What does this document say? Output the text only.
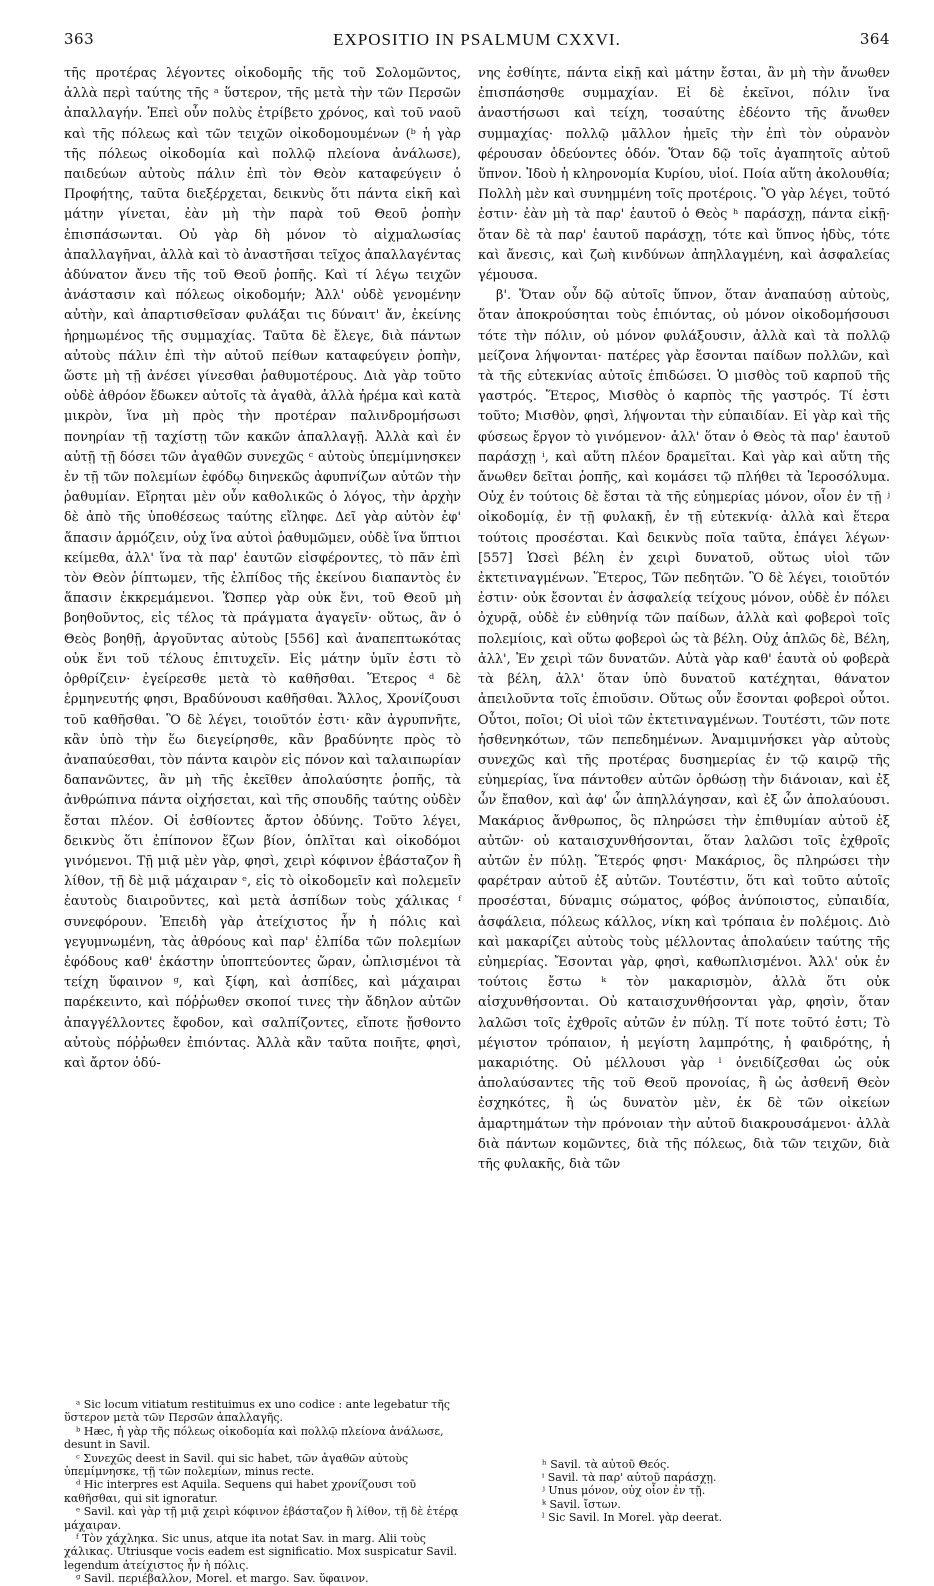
363	EXPOSITIO IN PSALMUM CXXVI.	364

τῆς προτέρας λέγοντες οἰκοδομῆς τῆς τοῦ Σολομῶντος, ἀλλὰ περὶ ταύτης τῆς ᵃ ὕστερον, τῆς μετὰ τὴν τῶν Περσῶν ἀπαλλαγήν. Ἐπεὶ οὖν πολὺς ἐτρίβετο χρόνος, καὶ τοῦ ναοῦ καὶ τῆς πόλεως καὶ τῶν τειχῶν οἰκοδομουμένων (ᵇ ἡ γὰρ τῆς πόλεως οἰκοδομία καὶ πολλῷ πλείονα ἀνάλωσε), παιδεύων αὐτοὺς πάλιν ἐπὶ τὸν Θεὸν καταφεύγειν ὁ Προφήτης, ταῦτα διεξέρχεται, δεικνὺς ὅτι πάντα εἰκῆ καὶ μάτην γίνεται, ἐὰν μὴ τὴν παρὰ τοῦ Θεοῦ ῥοπὴν ἐπισπάσωνται. Οὐ γὰρ δὴ μόνον τὸ αἰχμαλωσίας ἀπαλλαγῆναι, ἀλλὰ καὶ τὸ ἀναστῆσαι τεῖχος ἀπαλλαγέντας ἀδύνατον ἄνευ τῆς τοῦ Θεοῦ ῥοπῆς. Καὶ τί λέγω τειχῶν ἀνάστασιν καὶ πόλεως οἰκοδομήν; Ἀλλ' οὐδὲ γενομένην αὐτὴν, καὶ ἀπαρτισθεῖσαν φυλάξαι τις δύναιτ' ἄν, ἐκείνης ἠρημωμένος τῆς συμμαχίας. Ταῦτα δὲ ἔλεγε, διὰ πάντων αὐτοὺς πάλιν ἐπὶ τὴν αὐτοῦ πείθων καταφεύγειν ῥοπὴν, ὥστε μὴ τῇ ἀνέσει γίνεσθαι ῥαθυμοτέρους. Διὰ γὰρ τοῦτο οὐδὲ ἀθρόον ἔδωκεν αὐτοῖς τὰ ἀγαθὰ, ἀλλὰ ἠρέμα καὶ κατὰ μικρὸν, ἵνα μὴ πρὸς τὴν προτέραν παλινδρομήσωσι πονηρίαν τῇ ταχίστῃ τῶν κακῶν ἀπαλλαγῇ. Ἀλλὰ καὶ ἐν αὐτῇ τῇ δόσει τῶν ἀγαθῶν συνεχῶς ᶜ αὐτοὺς ὑπεμίμνησκεν ἐν τῇ τῶν πολεμίων ἐφόδῳ διηνεκῶς ἀφυπνίζων αὐτῶν τὴν ῥαθυμίαν. Εἴρηται μὲν οὖν καθολικῶς ὁ λόγος, τὴν ἀρχὴν δὲ ἀπὸ τῆς ὑποθέσεως ταύτης εἴληφε. Δεῖ γὰρ αὐτὸν ἐφ' ἅπασιν ἁρμόζειν, οὐχ ἵνα αὐτοὶ ῥαθυμῶμεν, οὐδὲ ἵνα ὕπτιοι κείμεθα, ἀλλ' ἵνα τὰ παρ' ἑαυτῶν εἰσφέροντες, τὸ πᾶν ἐπὶ τὸν Θεὸν ῥίπτωμεν, τῆς ἐλπίδος τῆς ἐκείνου διαπαντὸς ἐν ἅπασιν ἐκκρεμάμενοι. Ὥσπερ γὰρ οὐκ ἔνι, τοῦ Θεοῦ μὴ βοηθοῦντος, εἰς τέλος τὰ πράγματα ἀγαγεῖν· οὕτως, ἂν ὁ Θεὸς βοηθῇ, ἀργοῦντας αὐτοὺς [556] καὶ ἀναπεπτωκότας οὐκ ἔνι τοῦ τέλους ἐπιτυχεῖν. Εἰς μάτην ὑμῖν ἐστι τὸ ὀρθρίζειν· ἐγείρεσθε μετὰ τὸ καθῆσθαι. Ἕτερος ᵈ δὲ ἑρμηνευτής φησι, Βραδύνουσι καθῆσθαι. Ἄλλος, Χρονίζουσι τοῦ καθῆσθαι. Ὃ δὲ λέγει, τοιοῦτόν ἐστι· κἂν ἀγρυπνῆτε, κἂν ὑπὸ τὴν ἕω διεγείρησθε, κἂν βραδύνητε πρὸς τὸ ἀναπαύεσθαι, τὸν πάντα καιρὸν εἰς πόνον καὶ ταλαιπωρίαν δαπανῶντες, ἂν μὴ τῆς ἐκεῖθεν ἀπολαύσητε ῥοπῆς, τὰ ἀνθρώπινα πάντα οἰχήσεται, καὶ τῆς σπουδῆς ταύτης οὐδὲν ἔσται πλέον. Οἱ ἐσθίοντες ἄρτον ὀδύνης. Τοῦτο λέγει, δεικνὺς ὅτι ἐπίπονον ἔζων βίον, ὁπλῖται καὶ οἰκοδόμοι γινόμενοι. Τῇ μιᾷ μὲν γὰρ, φησὶ, χειρὶ κόφινον ἐβάσταζον ἢ λίθον, τῇ δὲ μιᾷ μάχαιραν ᵉ, εἰς τὸ οἰκοδομεῖν καὶ πολεμεῖν ἑαυτοὺς διαιροῦντες, καὶ μετὰ ἀσπίδων τοὺς χάλικας ᶠ συνεφόρουν. Ἐπειδὴ γὰρ ἀτείχιστος ἦν ἡ πόλις καὶ γεγυμνωμένη, τὰς ἀθρόους καὶ παρ' ἐλπίδα τῶν πολεμίων ἐφόδους καθ' ἑκάστην ὑποπτεύοντες ὥραν, ὡπλισμένοι τὰ τείχη ὕφαινον ᵍ, καὶ ξίφη, καὶ ἀσπίδες, καὶ μάχαιραι παρέκειντο, καὶ πόῤῥωθεν σκοποί τινες τὴν ἄδηλον αὐτῶν ἀπαγγέλλοντες ἔφοδον, καὶ σαλπίζοντες, εἴποτε ᾔσθοντο αὐτοὺς πόῤῥωθεν ἐπιόντας. Ἀλλὰ κἂν ταῦτα ποιῆτε, φησὶ, καὶ ἄρτον ὀδύ-

ᵃ Sic locum vitiatum restituimus ex uno codice : ante legebatur τῆς ὕστερον μετὰ τῶν Περσῶν ἀπαλλαγῆς.

ᵇ Hæc, ἡ γὰρ τῆς πόλεως οἰκοδομία καὶ πολλῷ πλείονα ἀνάλωσε, desunt in Savil.

ᶜ Συνεχῶς deest in Savil. qui sic habet, τῶν ἀγαθῶν αὐτοὺς ὑπεμίμνησκε, τῇ τῶν πολεμίων, minus recte.

ᵈ Hic interpres est Aquila. Sequens qui habet χρονίζουσι τοῦ καθῆσθαι, qui sit ignoratur.

ᵉ Savil. καὶ γὰρ τῇ μιᾷ χειρὶ κόφινον ἐβάσταζον ἢ λίθον, τῇ δὲ ἑτέρᾳ μάχαιραν.

ᶠ Τὸν χάχληκα. Sic unus, atque ita notat Sav. in marg. Alii τοὺς χάλικας. Utriusque vocis eadem est significatio. Mox suspicatur Savil. legendum ἀτείχιστος ἦν ἡ πόλις.

ᵍ Savil. περιέβαλλον, Morel. et margo. Sav. ὕφαινον.

νης ἐσθίητε, πάντα εἰκῇ καὶ μάτην ἔσται, ἂν μὴ τὴν ἄνωθεν ἐπισπάσησθε συμμαχίαν. Εἰ δὲ ἐκεῖνοι, πόλιν ἵνα ἀναστήσωσι καὶ τείχη, τοσαύτης ἐδέοντο τῆς ἄνωθεν συμμαχίας· πολλῷ μᾶλλον ἡμεῖς τὴν ἐπὶ τὸν οὐρανὸν φέρουσαν ὁδεύοντες ὁδόν. Ὅταν δῷ τοῖς ἀγαπητοῖς αὐτοῦ ὕπνον. Ἰδοὺ ἡ κληρονομία Κυρίου, υἱοί. Ποία αὕτη ἀκολουθία; Πολλὴ μὲν καὶ συνημμένη τοῖς προτέροις. Ὃ γὰρ λέγει, τοῦτό ἐστιν· ἐὰν μὴ τὰ παρ' ἑαυτοῦ ὁ Θεὸς ʰ παράσχῃ, πάντα εἰκῇ· ὅταν δὲ τὰ παρ' ἑαυτοῦ παράσχῃ, τότε καὶ ὕπνος ἡδὺς, τότε καὶ ἄνεσις, καὶ ζωὴ κινδύνων ἀπηλλαγμένη, καὶ ἀσφαλείας γέμουσα.

β'. Ὅταν οὖν δῷ αὐτοῖς ὕπνον, ὅταν ἀναπαύσῃ αὐτοὺς, ὅταν ἀποκρούσηται τοὺς ἐπιόντας, οὐ μόνον οἰκοδομήσουσι τότε τὴν πόλιν, οὐ μόνον φυλάξουσιν, ἀλλὰ καὶ τὰ πολλῷ μείζονα λήψονται· πατέρες γὰρ ἔσονται παίδων πολλῶν, καὶ τὰ τῆς εὐτεκνίας αὐτοῖς ἐπιδώσει. Ὁ μισθὸς τοῦ καρποῦ τῆς γαστρός. Ἕτερος, Μισθὸς ὁ καρπὸς τῆς γαστρός. Τί ἐστι τοῦτο; Μισθὸν, φησὶ, λήψονται τὴν εὐπαιδίαν. Εἰ γὰρ καὶ τῆς φύσεως ἔργον τὸ γινόμενον· ἀλλ' ὅταν ὁ Θεὸς τὰ παρ' ἑαυτοῦ παράσχῃ ⁱ, καὶ αὕτη πλέον δραμεῖται. Καὶ γὰρ καὶ αὕτη τῆς ἄνωθεν δεῖται ῥοπῆς, καὶ κομάσει τῷ πλήθει τὰ Ἱεροσόλυμα. Οὐχ ἐν τούτοις δὲ ἔσται τὰ τῆς εὐημερίας μόνον, οἷον ἐν τῇ ʲ οἰκοδομίᾳ, ἐν τῇ φυλακῇ, ἐν τῇ εὐτεκνίᾳ· ἀλλὰ καὶ ἕτερα τούτοις προσέσται. Καὶ δεικνὺς ποῖα ταῦτα, ἐπάγει λέγων· [557] Ὡσεὶ βέλη ἐν χειρὶ δυνατοῦ, οὕτως υἱοὶ τῶν ἐκτετιναγμένων. Ἕτερος, Τῶν πεδητῶν. Ὃ δὲ λέγει, τοιοῦτόν ἐστιν· οὐκ ἔσονται ἐν ἀσφαλείᾳ τείχους μόνον, οὐδὲ ἐν πόλει ὀχυρᾷ, οὐδὲ ἐν εὐθηνίᾳ τῶν παίδων, ἀλλὰ καὶ φοβεροὶ τοῖς πολεμίοις, καὶ οὕτω φοβεροὶ ὡς τὰ βέλη. Οὐχ ἁπλῶς δὲ, Βέλη, ἀλλ', Ἐν χειρὶ τῶν δυνατῶν. Αὐτὰ γὰρ καθ' ἑαυτὰ οὐ φοβερὰ τὰ βέλη, ἀλλ' ὅταν ὑπὸ δυνατοῦ κατέχηται, θάνατον ἀπειλοῦντα τοῖς ἐπιοῦσιν. Οὕτως οὖν ἔσονται φοβεροὶ οὗτοι. Οὗτοι, ποῖοι; Οἱ υἱοὶ τῶν ἐκτετιναγμένων. Τουτέστι, τῶν ποτε ἠσθενηκότων, τῶν πεπεδημένων. Ἀναμιμνήσκει γὰρ αὐτοὺς συνεχῶς καὶ τῆς προτέρας δυσημερίας ἐν τῷ καιρῷ τῆς εὐημερίας, ἵνα πάντοθεν αὐτῶν ὀρθώσῃ τὴν διάνοιαν, καὶ ἐξ ὧν ἔπαθον, καὶ ἀφ' ὧν ἀπηλλάγησαν, καὶ ἐξ ὧν ἀπολαύουσι. Μακάριος ἄνθρωπος, ὃς πληρώσει τὴν ἐπιθυμίαν αὐτοῦ ἐξ αὐτῶν· οὐ καταισχυνθήσονται, ὅταν λαλῶσι τοῖς ἐχθροῖς αὐτῶν ἐν πύλῃ. Ἕτερός φησι· Μακάριος, ὃς πληρώσει τὴν φαρέτραν αὐτοῦ ἐξ αὐτῶν. Τουτέστιν, ὅτι καὶ τοῦτο αὐτοῖς προσέσται, δύναμις σώματος, φόβος ἀνύποιστος, εὐπαιδία, ἀσφάλεια, πόλεως κάλλος, νίκη καὶ τρόπαια ἐν πολέμοις. Διὸ καὶ μακαρίζει αὐτοὺς τοὺς μέλλοντας ἀπολαύειν ταύτης τῆς εὐημερίας. Ἔσονται γὰρ, φησὶ, καθωπλισμένοι. Ἀλλ' οὐκ ἐν τούτοις ἔστω ᵏ τὸν μακαρισμὸν, ἀλλὰ ὅτι οὐκ αἰσχυνθήσονται. Οὐ καταισχυνθήσονται γὰρ, φησὶν, ὅταν λαλῶσι τοῖς ἐχθροῖς αὐτῶν ἐν πύλῃ. Τί ποτε τοῦτό ἐστι; Τὸ μέγιστον τρόπαιον, ἡ μεγίστη λαμπρότης, ἡ φαιδρότης, ἡ μακαριότης. Οὐ μέλλουσι γὰρ ˡ ὀνειδίζεσθαι ὡς οὐκ ἀπολαύσαντες τῆς τοῦ Θεοῦ προνοίας, ἢ ὡς ἀσθενῆ Θεὸν ἐσχηκότες, ἢ ὡς δυνατὸν μὲν, ἐκ δὲ τῶν οἰκείων ἁμαρτημάτων τὴν πρόνοιαν τὴν αὐτοῦ διακρουσάμενοι· ἀλλὰ διὰ πάντων κομῶντες, διὰ τῆς πόλεως, διὰ τῶν τειχῶν, διὰ τῆς φυλακῆς, διὰ τῶν

ʰ Savil. τὰ αὐτοῦ Θεός.

ⁱ Savil. τὰ παρ' αὐτοῦ παράσχῃ.

ʲ Unus μόνον, οὐχ οἷον ἐν τῇ.

ᵏ Savil. ἴστων.

ˡ Sic Savil. In Morel. γὰρ deerat.
